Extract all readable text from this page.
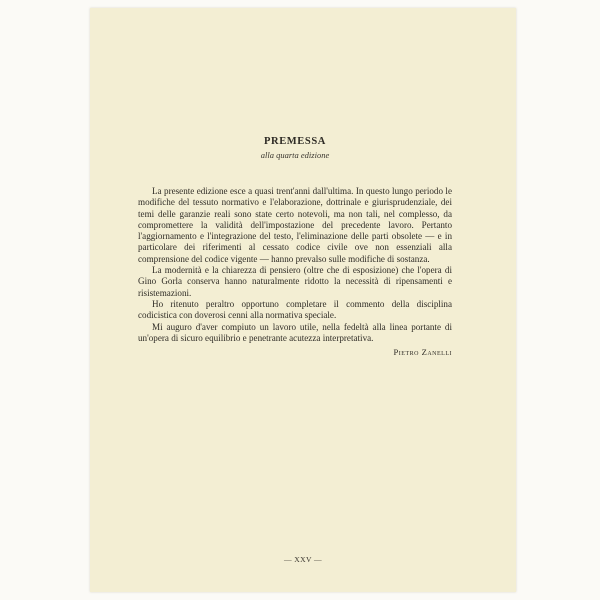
PREMESSA
alla quarta edizione

La presente edizione esce a quasi trent'anni dall'ultima. In questo lungo periodo le modifiche del tessuto normativo e l'elaborazione, dottrinale e giurisprudenziale, dei temi delle garanzie reali sono state certo notevoli, ma non tali, nel complesso, da compromettere la validità dell'impostazione del precedente lavoro. Pertanto l'aggiornamento e l'integrazione del testo, l'eliminazione delle parti obsolete — e in particolare dei riferimenti al cessato codice civile ove non essenziali alla comprensione del codice vigente — hanno prevalso sulle modifiche di sostanza.

La modernità e la chiarezza di pensiero (oltre che di esposizione) che l'opera di Gino Gorla conserva hanno naturalmente ridotto la necessità di ripensamenti e risistemazioni.

Ho ritenuto peraltro opportuno completare il commento della disciplina codicistica con doverosi cenni alla normativa speciale.

Mi auguro d'aver compiuto un lavoro utile, nella fedeltà alla linea portante di un'opera di sicuro equilibrio e penetrante acutezza interpretativa.

Pietro Zanelli
— XXV —
